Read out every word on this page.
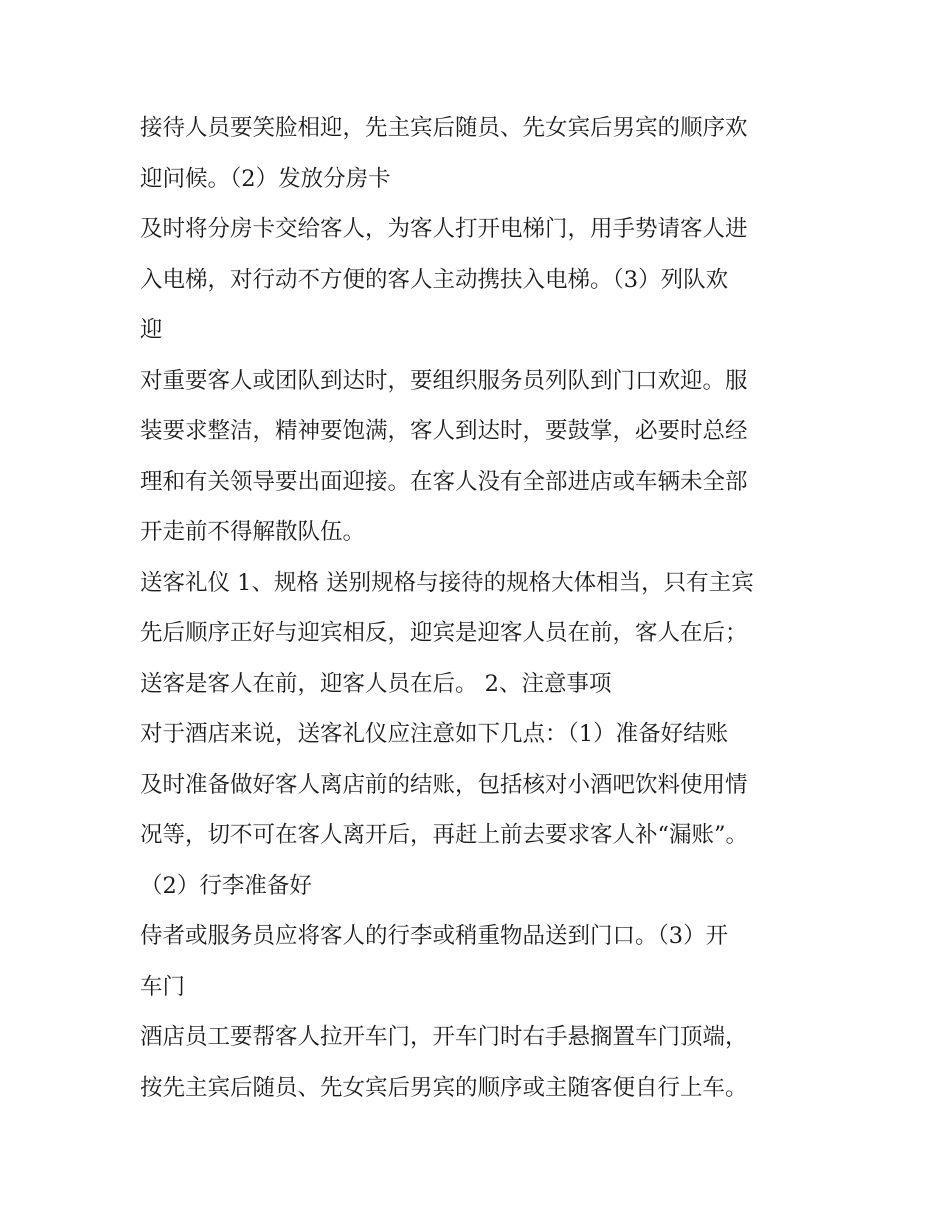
接待人员要笑脸相迎，先主宾后随员、先女宾后男宾的顺序欢

迎问候。（2）发放分房卡

及时将分房卡交给客人，为客人打开电梯门，用手势请客人进

入电梯，对行动不方便的客人主动携扶入电梯。（3）列队欢

迎

对重要客人或团队到达时，要组织服务员列队到门口欢迎。服

装要求整洁，精神要饱满，客人到达时，要鼓掌，必要时总经

理和有关领导要出面迎接。在客人没有全部进店或车辆未全部

开走前不得解散队伍。

送客礼仪 1、规格 送别规格与接待的规格大体相当，只有主宾

先后顺序正好与迎宾相反，迎宾是迎客人员在前，客人在后；

送客是客人在前，迎客人员在后。 2、注意事项

对于酒店来说，送客礼仪应注意如下几点：（1）准备好结账

及时准备做好客人离店前的结账，包括核对小酒吧饮料使用情

况等，切不可在客人离开后，再赶上前去要求客人补“漏账”。

（2）行李准备好

侍者或服务员应将客人的行李或稍重物品送到门口。（3）开

车门

酒店员工要帮客人拉开车门，开车门时右手悬搁置车门顶端，

按先主宾后随员、先女宾后男宾的顺序或主随客便自行上车。
